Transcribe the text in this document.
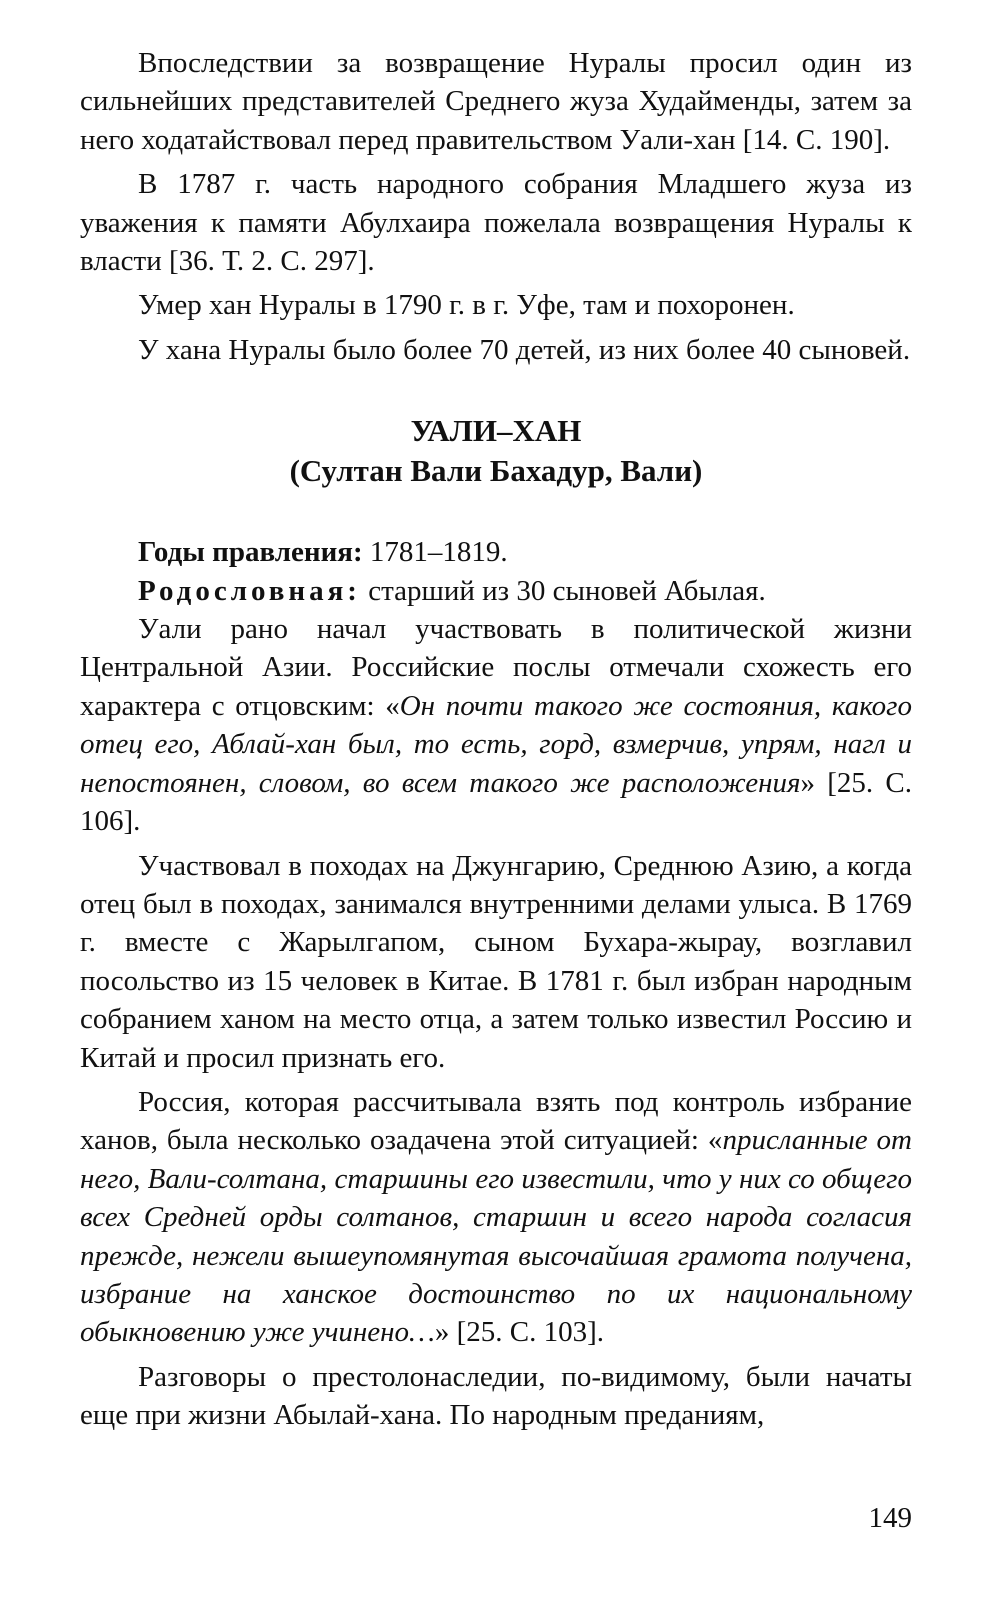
Впоследствии за возвращение Нуралы просил один из сильнейших представителей Среднего жуза Худайменды, затем за него ходатайствовал перед правительством Уали-хан [14. С. 190].

В 1787 г. часть народного собрания Младшего жуза из уважения к памяти Абулхаира пожелала возвращения Нуралы к власти [36. Т. 2. С. 297].

Умер хан Нуралы в 1790 г. в г. Уфе, там и похоронен.

У хана Нуралы было более 70 детей, из них более 40 сыновей.

УАЛИ–ХАН
(Султан Вали Бахадур, Вали)

Годы правления: 1781–1819.

Родословная: старший из 30 сыновей Абылая.

Уали рано начал участвовать в политической жизни Центральной Азии. Российские послы отмечали схожесть его характера с отцовским: «Он почти такого же состояния, какого отец его, Аблай-хан был, то есть, горд, взмерчив, упрям, нагл и непостоянен, словом, во всем такого же расположения» [25. С. 106].

Участвовал в походах на Джунгарию, Среднюю Азию, а когда отец был в походах, занимался внутренними делами улыса. В 1769 г. вместе с Жарылгапом, сыном Бухара-жырау, возглавил посольство из 15 человек в Китае. В 1781 г. был избран народным собранием ханом на место отца, а затем только известил Россию и Китай и просил признать его.

Россия, которая рассчитывала взять под контроль избрание ханов, была несколько озадачена этой ситуацией: «присланные от него, Вали-солтана, старшины его известили, что у них со общего всех Средней орды солтанов, старшин и всего народа согласия прежде, нежели вышеупомянутая высочайшая грамота получена, избрание на ханское достоинство по их национальному обыкновению уже учинено…» [25. С. 103].

Разговоры о престолонаследии, по-видимому, были начаты еще при жизни Абылай-хана. По народным преданиям,

149
